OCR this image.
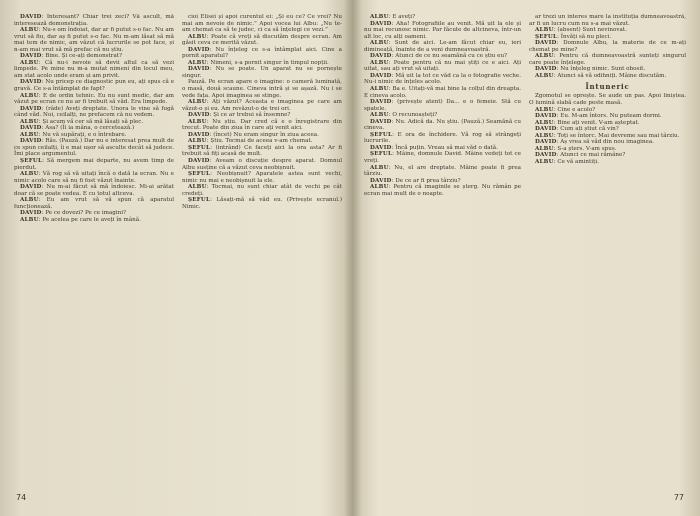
DAVID: Interesant? Chiar trei zeci? Vă ascult, mă interesează demonstrația.

ALBU: Nu-s om îndoiat, dar ar fi putut s-o fac. Nu am vrut să fiu, dar aș fi putut s-o fac. Nu m-am lăsat să mă mai tem de nimic, am văzut că lucrurile se pot face, și n-am mai vrut să mă prefac că nu știu.

DAVID: Bine. Și ce-ați demonstrat?

ALBU: Că nu-i nevoie să devii altul ca să vezi limpede. Pe mine nu m-a mutat nimeni din locul meu, am stat acolo unde eram și am privit.

DAVID: Nu pricep ce diagnostic pun eu, ați spus că e gravă. Ce s-a întâmplat de fapt?

ALBU: E de ordin tehnic. Eu nu sunt medic, dar am văzut pe ecran ce nu ar fi trebuit să văd. Era limpede.

DAVID: (râde) Aveți dreptate. Unora le vine să fugă când văd. Noi, ceilalți, ne prefacem că nu vedem.

ALBU: Și acum vă cer să mă lăsați să plec.

DAVID: Asa? (Îi ia mâna, o cercetează.)

ALBU: Nu vă supărați, e o întrebare.

DAVID: Răs. (Pauză.) Dar nu e interesat prea mult de ce spun ceilalți, îi e mai ușor să asculte decât să judece. Îmi place argumentul.

ȘEFUL: Să mergem mai departe, nu avem timp de pierdut.

ALBU: Vă rog să vă uitați încă o dată la ecran. Nu e nimic acolo care să nu fi fost văzut înainte.

DAVID: Nu m-ai făcut să mă îndoiesc. Mi-ai arătat doar că se poate vedea. E cu totul altceva.

ALBU: Eu am vrut să vă spun că aparatul funcționează.

DAVID: Pe ce dovezi? Pe ce imagini?

ALBU: Pe acelea pe care le aveți în mână.

cioi Elisei și apoi curentul ei: „Și eu ce? Ce vrei? Nu mai am nevoie de nimic.” Apoi vocea lui Albu: „Nu te-am chemat ca să te judec, ci ca să înțelegi ce vezi.”

ALBU: Poate că vreți să discutăm despre ecran. Am găsit ceva ce merită văzut.

DAVID: Nu înțeleg ce s-a întâmplat aici. Cine a pornit aparatul?

ALBU: Nimeni, s-a pornit singur în timpul nopții.

DAVID: Nu se poate. Un aparat nu se pornește singur.

Pauză. Pe ecran apare o imagine: o cameră luminată, o masă, două scaune. Cineva intră și se așază. Nu i se vede fața. Apoi imaginea se stinge.

ALBU: Ați văzut? Aceasta e imaginea pe care am văzut-o și eu. Am revăzut-o de trei ori.

DAVID: Și ce ar trebui să însemne?

ALBU: Nu știu. Dar cred că e o înregistrare din trecut. Poate din ziua în care ați venit aici.

DAVID: (încet) Nu eram singur în ziua aceea.

ALBU: Știu. Tocmai de aceea v-am chemat.

ȘEFUL: (intrând) Ce faceți aici la ora asta? Ar fi trebuit să fiți acasă de mult.

DAVID: Aveam o discuție despre aparat. Domnul Albu susține că a văzut ceva neobișnuit.

ȘEFUL: Neobișnuit? Aparatele astea sunt vechi, nimic nu mai e neobișnuit la ele.

ALBU: Tocmai, nu sunt chiar atât de vechi pe cât credeți.

ȘEFUL: Lăsați-mă să văd eu. (Privește ecranul.) Nimic.

74

ALBU: E aveți?

DAVID: Aha! Fotografiile au venit. Mă uit la ele și nu mai recunosc nimic. Par făcute de altcineva, într-un alt loc, cu alți oameni.

ALBU: Sunt de aici. Le-am făcut chiar eu, ieri dimineață, înainte de a veni dumneavoastră.

DAVID: Atunci de ce nu seamănă cu ce știu eu?

ALBU: Poate pentru că nu mai știți ce e aici. Ați uitat, sau ați vrut să uitați.

DAVID: Mă uit la tot ce văd ca la o fotografie veche. Nu-i nimic de înțeles acolo.

ALBU: Ba e. Uitați-vă mai bine la colțul din dreapta. E cineva acolo.

DAVID: (privește atent) Da... e o femeie. Stă cu spatele.

ALBU: O recunoașteți?

DAVID: Nu. Adică da. Nu știu. (Pauză.) Seamănă cu cineva.

ȘEFUL: E ora de închidere. Vă rog să strângeți lucrurile.

DAVID: Încă puțin. Vreau să mai văd o dată.

ȘEFUL: Mâine, domnule David. Mâine vedeți tot ce vreți.

ALBU: Nu, el are dreptate. Mâine poate fi prea târziu.

DAVID: De ce ar fi prea târziu?

ALBU: Pentru că imaginile se șterg. Nu rămân pe ecran mai mult de o noapte.

ar trezi un interes mare la instituția dumneavoastră, ar fi un lucru cum nu s-a mai văzut.

ALBU: (absent) Sunt nevinovat.

ȘEFUL: Învăți să nu pleci.

DAVID: Domnule Albu, la materie de ce m-ați chemat pe mine?

ALBU: Pentru că dumneavoastră sunteți singurul care poate înțelege.

DAVID: Nu înțeleg nimic. Sunt obosit.

ALBU: Atunci să vă odihniți. Mâine discutăm.

Întuneric

Zgomotul se oprește. Se aude un pas. Apoi liniștea. O lumină slabă cade peste masă.

ALBU: Cine e acolo?

DAVID: Eu. M-am întors. Nu puteam dormi.

ALBU: Bine ați venit. V-am așteptat.

DAVID: Cum ați știut că vin?

ALBU: Toți se întorc. Mai devreme sau mai târziu.

DAVID: Aș vrea să văd din nou imaginea.

ALBU: S-a șters. V-am spus.

DAVID: Atunci ce mai rămâne?

ALBU: Ce vă amintiți.

77
